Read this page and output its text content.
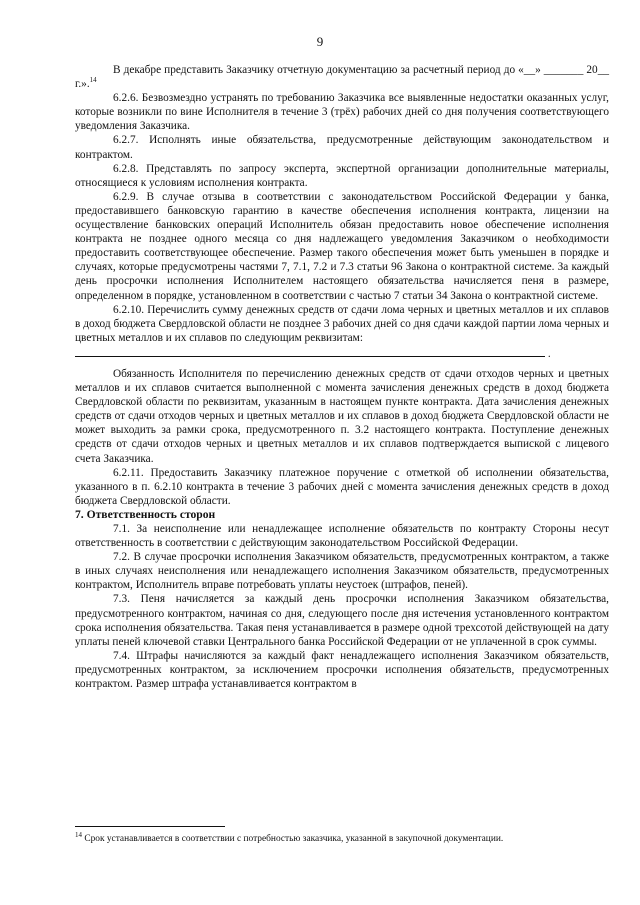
9

В декабре представить Заказчику отчетную документацию за расчетный период до «__» _______ 20__ г.».$^{14}$

6.2.6. Безвозмездно устранять по требованию Заказчика все выявленные недостатки оказанных услуг, которые возникли по вине Исполнителя в течение 3 (трёх) рабочих дней со дня получения соответствующего уведомления Заказчика.

6.2.7. Исполнять иные обязательства, предусмотренные действующим законодательством и контрактом.

6.2.8. Представлять по запросу эксперта, экспертной организации дополнительные материалы, относящиеся к условиям исполнения контракта.

6.2.9. В случае отзыва в соответствии с законодательством Российской Федерации у банка, предоставившего банковскую гарантию в качестве обеспечения исполнения контракта, лицензии на осуществление банковских операций Исполнитель обязан предоставить новое обеспечение исполнения контракта не позднее одного месяца со дня надлежащего уведомления Заказчиком о необходимости предоставить соответствующее обеспечение. Размер такого обеспечения может быть уменьшен в порядке и случаях, которые предусмотрены частями 7, 7.1, 7.2 и 7.3 статьи 96 Закона о контрактной системе. За каждый день просрочки исполнения Исполнителем настоящего обязательства начисляется пеня в размере, определенном в порядке, установленном в соответствии с частью 7 статьи 34 Закона о контрактной системе.

6.2.10. Перечислить сумму денежных средств от сдачи лома черных и цветных металлов и их сплавов в доход бюджета Свердловской области не позднее 3 рабочих дней со дня сдачи каждой партии лома черных и цветных металлов и их сплавов по следующим реквизитам:

.

Обязанность Исполнителя по перечислению денежных средств от сдачи отходов черных и цветных металлов и их сплавов считается выполненной с момента зачисления денежных средств в доход бюджета Свердловской области по реквизитам, указанным в настоящем пункте контракта. Дата зачисления денежных средств от сдачи отходов черных и цветных металлов и их сплавов в доход бюджета Свердловской области не может выходить за рамки срока, предусмотренного п. 3.2 настоящего контракта. Поступление денежных средств от сдачи отходов черных и цветных металлов и их сплавов подтверждается выпиской с лицевого счета Заказчика.

6.2.11. Предоставить Заказчику платежное поручение с отметкой об исполнении обязательства, указанного в п. 6.2.10 контракта в течение 3 рабочих дней с момента зачисления денежных средств в доход бюджета Свердловской области.

7. Ответственность сторон

7.1. За неисполнение или ненадлежащее исполнение обязательств по контракту Стороны несут ответственность в соответствии с действующим законодательством Российской Федерации.

7.2. В случае просрочки исполнения Заказчиком обязательств, предусмотренных контрактом, а также в иных случаях неисполнения или ненадлежащего исполнения Заказчиком обязательств, предусмотренных контрактом, Исполнитель вправе потребовать уплаты неустоек (штрафов, пеней).

7.3. Пеня начисляется за каждый день просрочки исполнения Заказчиком обязательства, предусмотренного контрактом, начиная со дня, следующего после дня истечения установленного контрактом срока исполнения обязательства. Такая пеня устанавливается в размере одной трехсотой действующей на дату уплаты пеней ключевой ставки Центрального банка Российской Федерации от не уплаченной в срок суммы.

7.4. Штрафы начисляются за каждый факт ненадлежащего исполнения Заказчиком обязательств, предусмотренных контрактом, за исключением просрочки исполнения обязательств, предусмотренных контрактом. Размер штрафа устанавливается контрактом в

$^{14}$ Срок устанавливается в соответствии с потребностью заказчика, указанной в закупочной документации.
